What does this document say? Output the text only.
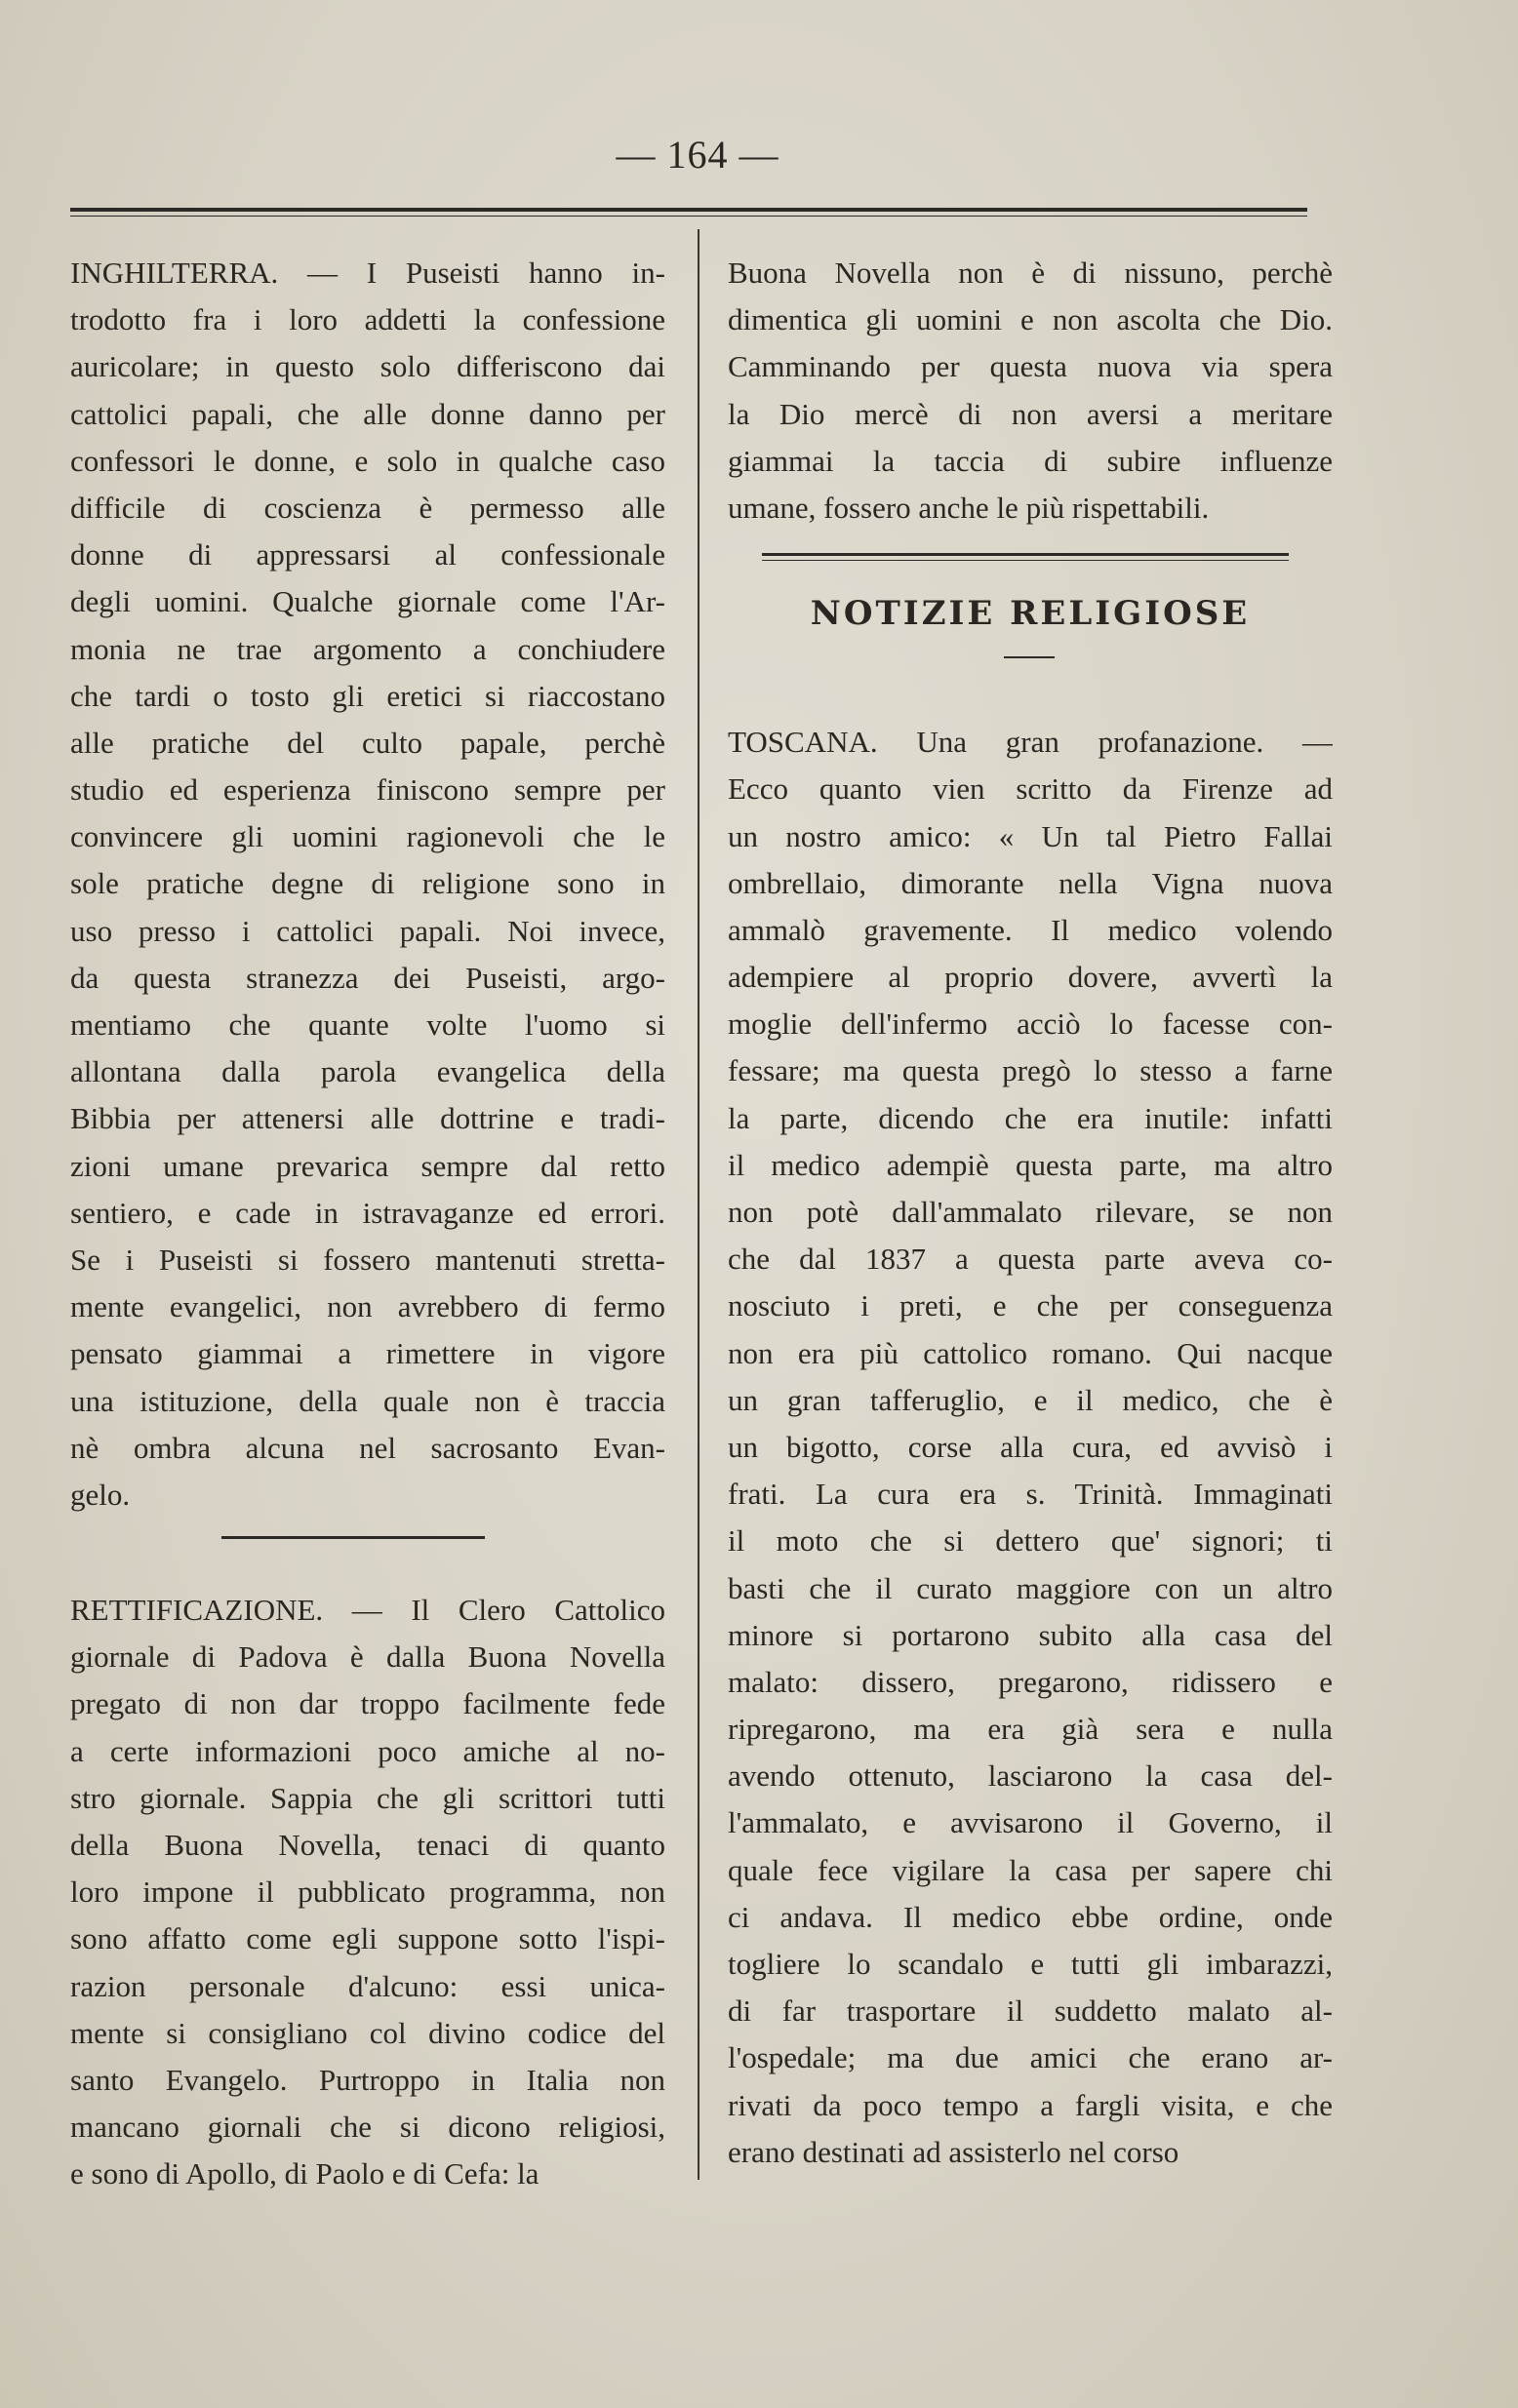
— 164 —
INGHILTERRA. — I Puseisti hanno in-
trodotto fra i loro addetti la confessione
auricolare; in questo solo differiscono dai
cattolici papali, che alle donne danno per
confessori le donne, e solo in qualche caso
difficile di coscienza è permesso alle
donne di appressarsi al confessionale
degli uomini. Qualche giornale come l'Ar-
monia ne trae argomento a conchiudere
che tardi o tosto gli eretici si riaccostano
alle pratiche del culto papale, perchè
studio ed esperienza finiscono sempre per
convincere gli uomini ragionevoli che le
sole pratiche degne di religione sono in
uso presso i cattolici papali. Noi invece,
da questa stranezza dei Puseisti, argo-
mentiamo che quante volte l'uomo si
allontana dalla parola evangelica della
Bibbia per attenersi alle dottrine e tradi-
zioni umane prevarica sempre dal retto
sentiero, e cade in istravaganze ed errori.
Se i Puseisti si fossero mantenuti stretta-
mente evangelici, non avrebbero di fermo
pensato giammai a rimettere in vigore
una istituzione, della quale non è traccia
nè ombra alcuna nel sacrosanto Evan-
gelo.
RETTIFICAZIONE. — Il Clero Cattolico
giornale di Padova è dalla Buona Novella
pregato di non dar troppo facilmente fede
a certe informazioni poco amiche al no-
stro giornale. Sappia che gli scrittori tutti
della Buona Novella, tenaci di quanto
loro impone il pubblicato programma, non
sono affatto come egli suppone sotto l'ispi-
razion personale d'alcuno: essi unica-
mente si consigliano col divino codice del
santo Evangelo. Purtroppo in Italia non
mancano giornali che si dicono religiosi,
e sono di Apollo, di Paolo e di Cefa: la
Buona Novella non è di nissuno, perchè
dimentica gli uomini e non ascolta che Dio.
Camminando per questa nuova via spera
la Dio mercè di non aversi a meritare
giammai la taccia di subire influenze
umane, fossero anche le più rispettabili.
NOTIZIE RELIGIOSE
TOSCANA. Una gran profanazione. —
Ecco quanto vien scritto da Firenze ad
un nostro amico: « Un tal Pietro Fallai
ombrellaio, dimorante nella Vigna nuova
ammalò gravemente. Il medico volendo
adempiere al proprio dovere, avvertì la
moglie dell'infermo acciò lo facesse con-
fessare; ma questa pregò lo stesso a farne
la parte, dicendo che era inutile: infatti
il medico adempiè questa parte, ma altro
non potè dall'ammalato rilevare, se non
che dal 1837 a questa parte aveva co-
nosciuto i preti, e che per conseguenza
non era più cattolico romano. Qui nacque
un gran tafferuglio, e il medico, che è
un bigotto, corse alla cura, ed avvisò i
frati. La cura era s. Trinità. Immaginati
il moto che si dettero que' signori; ti
basti che il curato maggiore con un altro
minore si portarono subito alla casa del
malato: dissero, pregarono, ridissero e
ripregarono, ma era già sera e nulla
avendo ottenuto, lasciarono la casa del-
l'ammalato, e avvisarono il Governo, il
quale fece vigilare la casa per sapere chi
ci andava. Il medico ebbe ordine, onde
togliere lo scandalo e tutti gli imbarazzi,
di far trasportare il suddetto malato al-
l'ospedale; ma due amici che erano ar-
rivati da poco tempo a fargli visita, e che
erano destinati ad assisterlo nel corso
